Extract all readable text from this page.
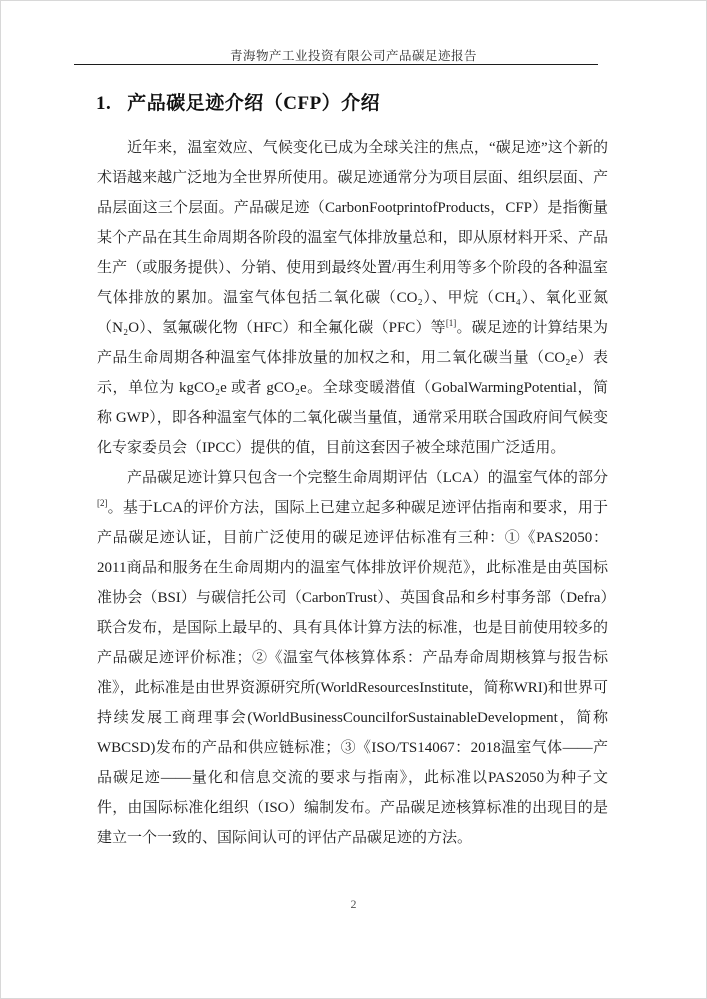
青海物产工业投资有限公司产品碳足迹报告
1. 产品碳足迹介绍（CFP）介绍

近年来，温室效应、气候变化已成为全球关注的焦点，“碳足迹”这个新的术语越来越广泛地为全世界所使用。碳足迹通常分为项目层面、组织层面、产品层面这三个层面。产品碳足迹（CarbonFootprintofProducts，CFP）是指衡量某个产品在其生命周期各阶段的温室气体排放量总和，即从原材料开采、产品生产（或服务提供）、分销、使用到最终处置/再生利用等多个阶段的各种温室气体排放的累加。温室气体包括二氧化碳（CO₂）、甲烷（CH₄）、氧化亚氮（N₂O）、氢氟碳化物（HFC）和全氟化碳（PFC）等[1]。碳足迹的计算结果为产品生命周期各种温室气体排放量的加权之和，用二氧化碳当量（CO₂e）表示，单位为 kgCO₂e 或者 gCO₂e。全球变暖潜值（GobalWarmingPotential，简称 GWP），即各种温室气体的二氧化碳当量值，通常采用联合国政府间气候变化专家委员会（IPCC）提供的值，目前这套因子被全球范围广泛适用。

产品碳足迹计算只包含一个完整生命周期评估（LCA）的温室气体的部分[2]。基于LCA的评价方法，国际上已建立起多种碳足迹评估指南和要求，用于产品碳足迹认证，目前广泛使用的碳足迹评估标准有三种：①《PAS2050：2011商品和服务在生命周期内的温室气体排放评价规范》，此标准是由英国标准协会（BSI）与碳信托公司（CarbonTrust）、英国食品和乡村事务部（Defra）联合发布，是国际上最早的、具有具体计算方法的标准，也是目前使用较多的产品碳足迹评价标准；②《温室气体核算体系：产品寿命周期核算与报告标准》，此标准是由世界资源研究所(WorldResourcesInstitute，简称WRI)和世界可持续发展工商理事会(WorldBusinessCouncilforSustainableDevelopment，简称WBCSD)发布的产品和供应链标准；③《ISO/TS14067：2018温室气体——产品碳足迹——量化和信息交流的要求与指南》，此标准以PAS2050为种子文件，由国际标准化组织（ISO）编制发布。产品碳足迹核算标准的出现目的是建立一个一致的、国际间认可的评估产品碳足迹的方法。

2
